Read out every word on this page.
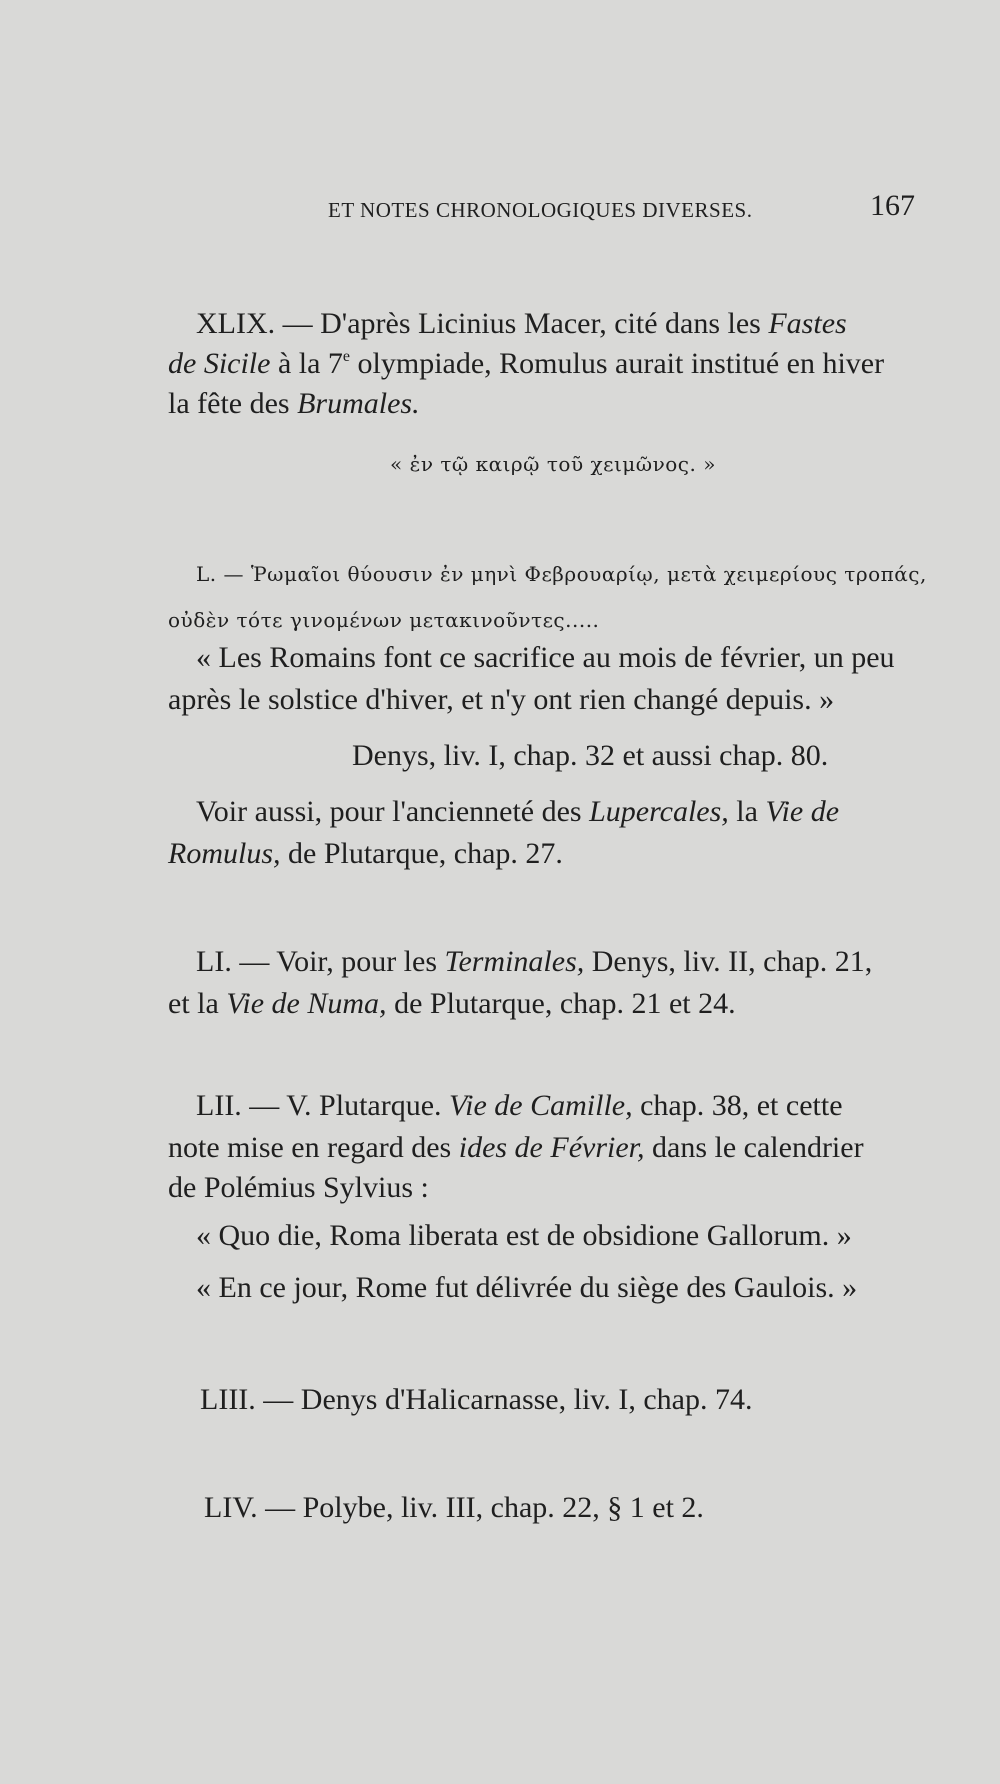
ET NOTES CHRONOLOGIQUES DIVERSES.	167
XLIX. — D'après Licinius Macer, cité dans les Fastes
de Sicile à la 7e olympiade, Romulus aurait institué en hiver
la fête des Brumales.
« ἐν τῷ καιρῷ τοῦ χειμῶνος. »
L. — Ῥωμαῖοι θύουσιν ἐν μηνὶ Φεβρουαρίῳ, μετὰ χειμερίους τροπάς,
οὐδὲν τότε γινομένων μετακινοῦντες.....
« Les Romains font ce sacrifice au mois de février, un peu
après le solstice d'hiver, et n'y ont rien changé depuis. »
Denys, liv. I, chap. 32 et aussi chap. 80.
Voir aussi, pour l'ancienneté des Lupercales, la Vie de
Romulus, de Plutarque, chap. 27.
LI. — Voir, pour les Terminales, Denys, liv. II, chap. 21,
et la Vie de Numa, de Plutarque, chap. 21 et 24.
LII. — V. Plutarque. Vie de Camille, chap. 38, et cette
note mise en regard des ides de Février, dans le calendrier
de Polémius Sylvius :
« Quo die, Roma liberata est de obsidione Gallorum. »
« En ce jour, Rome fut délivrée du siège des Gaulois. »
LIII. — Denys d'Halicarnasse, liv. I, chap. 74.
LIV. — Polybe, liv. III, chap. 22, § 1 et 2.
